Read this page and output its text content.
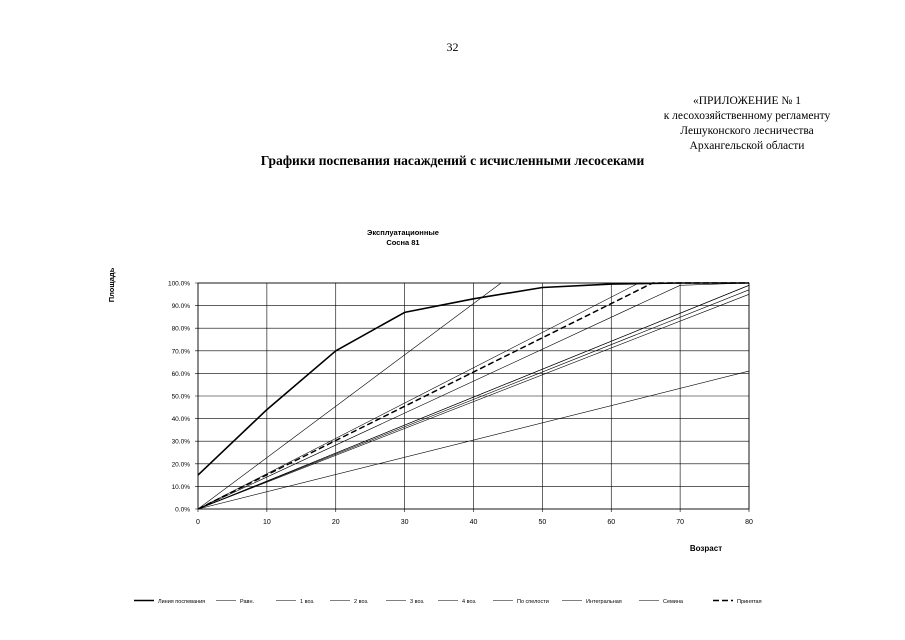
32
«ПРИЛОЖЕНИЕ № 1
к лесохозяйственному регламенту
Лешуконского лесничества
Архангельской области
Графики поспевания насаждений с исчисленными лесосеками
Эксплуатационные
Сосна 81
Площадь
Возраст
0	10	20	30	40	50	60	70	80
0.0%
10.0%
20.0%
30.0%
40.0%
50.0%
60.0%
70.0%
80.0%
90.0%
100.0%
Линия поспевания	Равн.	1 воз.	2 воз.	3 воз.	4 воз.	По спелости	Интегральная	Семина	Принятая
